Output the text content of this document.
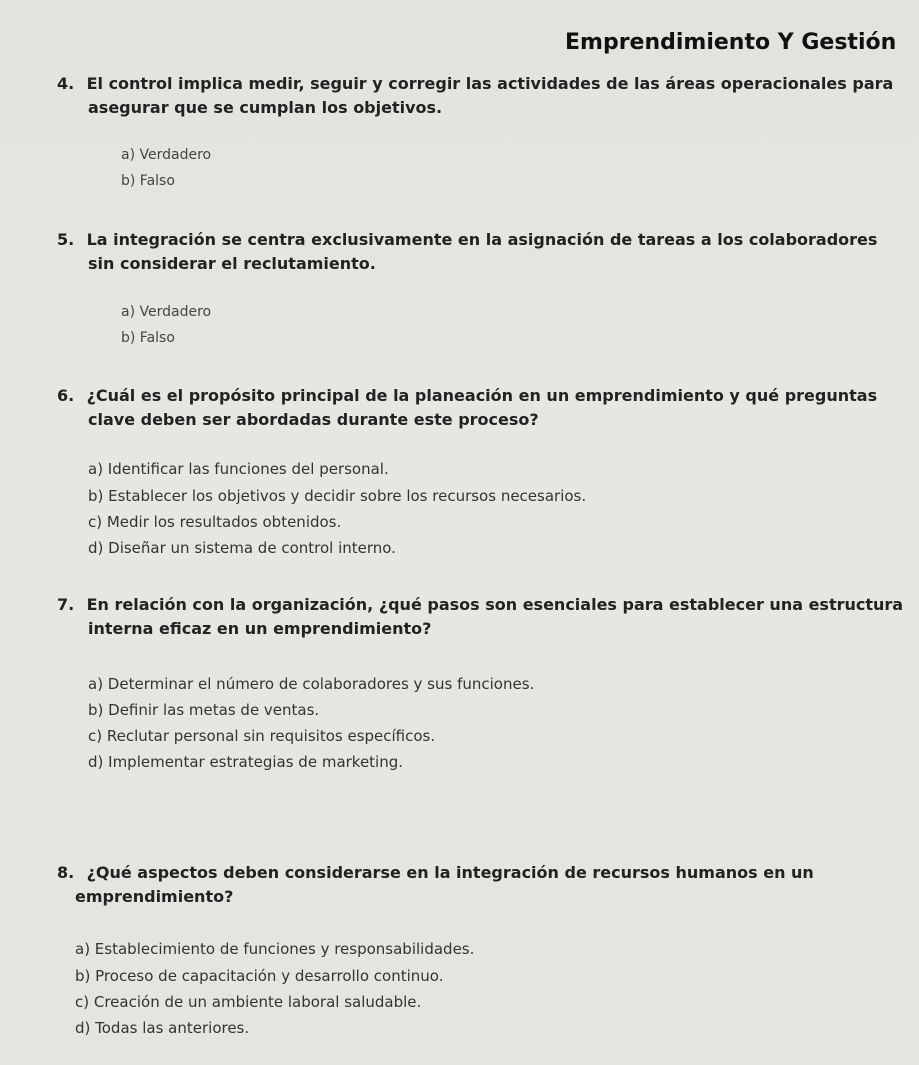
Emprendimiento Y Gestión

4. El control implica medir, seguir y corregir las actividades de las áreas operacionales para

asegurar que se cumplan los objetivos.

a) Verdadero
b) Falso

5. La integración se centra exclusivamente en la asignación de tareas a los colaboradores

sin considerar el reclutamiento.

a) Verdadero
b) Falso

6. ¿Cuál es el propósito principal de la planeación en un emprendimiento y qué preguntas

clave deben ser abordadas durante este proceso?

a) Identificar las funciones del personal.
b) Establecer los objetivos y decidir sobre los recursos necesarios.
c) Medir los resultados obtenidos.
d) Diseñar un sistema de control interno.

7. En relación con la organización, ¿qué pasos son esenciales para establecer una estructura

interna eficaz en un emprendimiento?

a) Determinar el número de colaboradores y sus funciones.
b) Definir las metas de ventas.
c) Reclutar personal sin requisitos específicos.
d) Implementar estrategias de marketing.

8. ¿Qué aspectos deben considerarse en la integración de recursos humanos en un

emprendimiento?

a) Establecimiento de funciones y responsabilidades.
b) Proceso de capacitación y desarrollo continuo.
c) Creación de un ambiente laboral saludable.
d) Todas las anteriores.
